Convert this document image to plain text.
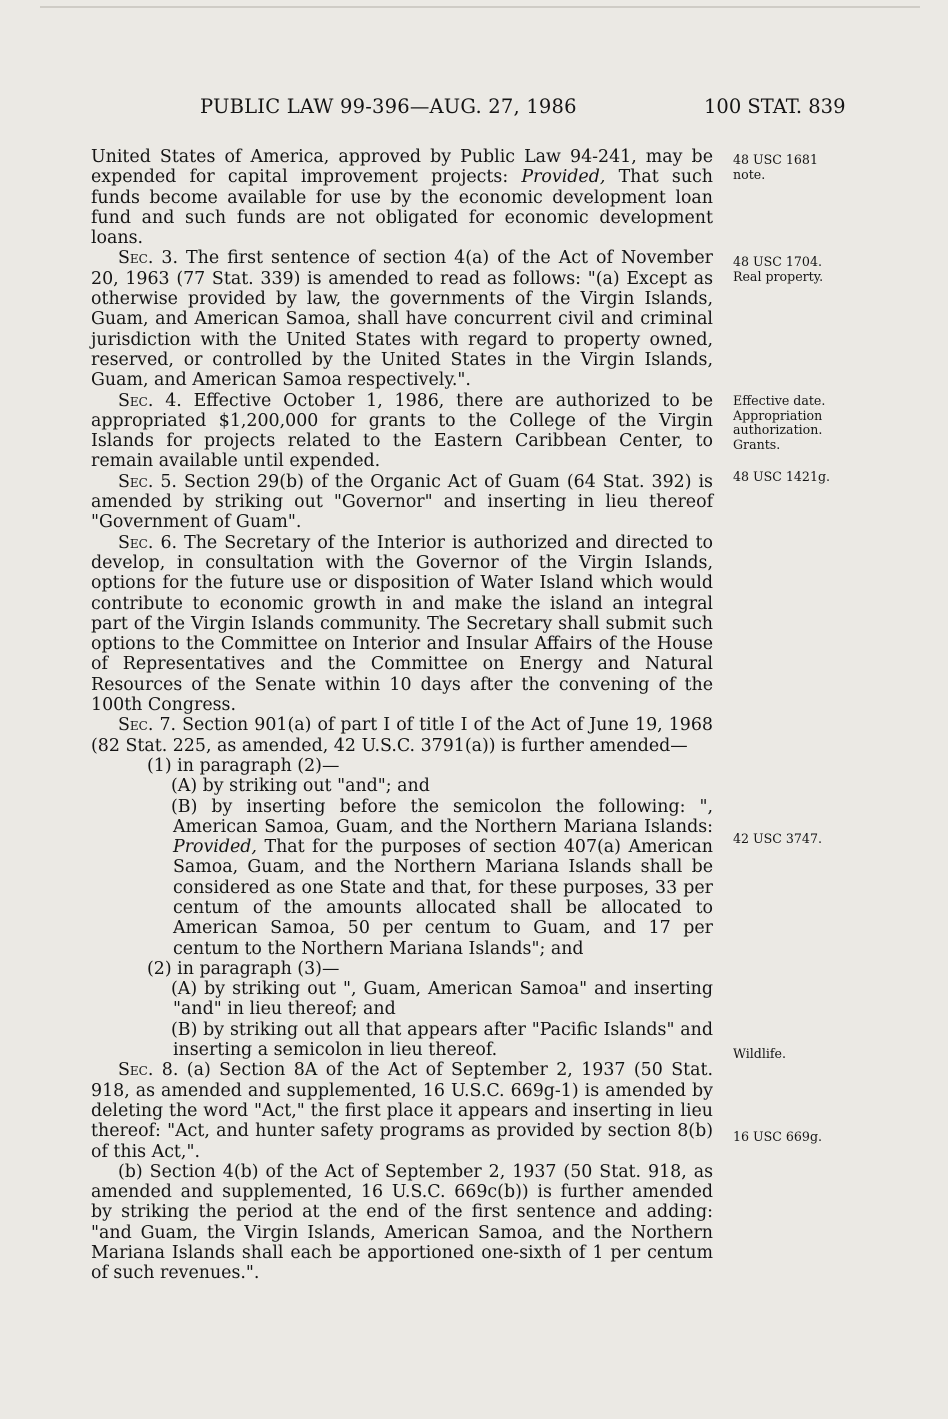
PUBLIC LAW 99-396—AUG. 27, 1986	100 STAT. 839

United States of America, approved by Public Law 94-241, may be expended for capital improvement projects: Provided, That such funds become available for use by the economic development loan fund and such funds are not obligated for economic development loans.

Sec. 3. The first sentence of section 4(a) of the Act of November 20, 1963 (77 Stat. 339) is amended to read as follows: "(a) Except as otherwise provided by law, the governments of the Virgin Islands, Guam, and American Samoa, shall have concurrent civil and criminal jurisdiction with the United States with regard to property owned, reserved, or controlled by the United States in the Virgin Islands, Guam, and American Samoa respectively.".

Sec. 4. Effective October 1, 1986, there are authorized to be appropriated $1,200,000 for grants to the College of the Virgin Islands for projects related to the Eastern Caribbean Center, to remain available until expended.

Sec. 5. Section 29(b) of the Organic Act of Guam (64 Stat. 392) is amended by striking out "Governor" and inserting in lieu thereof "Government of Guam".

Sec. 6. The Secretary of the Interior is authorized and directed to develop, in consultation with the Governor of the Virgin Islands, options for the future use or disposition of Water Island which would contribute to economic growth in and make the island an integral part of the Virgin Islands community. The Secretary shall submit such options to the Committee on Interior and Insular Affairs of the House of Representatives and the Committee on Energy and Natural Resources of the Senate within 10 days after the convening of the 100th Congress.

Sec. 7. Section 901(a) of part I of title I of the Act of June 19, 1968 (82 Stat. 225, as amended, 42 U.S.C. 3791(a)) is further amended—

(1) in paragraph (2)—

(A) by striking out "and"; and

(B) by inserting before the semicolon the following: ", American Samoa, Guam, and the Northern Mariana Islands: Provided, That for the purposes of section 407(a) American Samoa, Guam, and the Northern Mariana Islands shall be considered as one State and that, for these purposes, 33 per centum of the amounts allocated shall be allocated to American Samoa, 50 per centum to Guam, and 17 per centum to the Northern Mariana Islands"; and

(2) in paragraph (3)—

(A) by striking out ", Guam, American Samoa" and inserting "and" in lieu thereof; and

(B) by striking out all that appears after "Pacific Islands" and inserting a semicolon in lieu thereof.

Sec. 8. (a) Section 8A of the Act of September 2, 1937 (50 Stat. 918, as amended and supplemented, 16 U.S.C. 669g-1) is amended by deleting the word "Act," the first place it appears and inserting in lieu thereof: "Act, and hunter safety programs as provided by section 8(b) of this Act,".

(b) Section 4(b) of the Act of September 2, 1937 (50 Stat. 918, as amended and supplemented, 16 U.S.C. 669c(b)) is further amended by striking the period at the end of the first sentence and adding: "and Guam, the Virgin Islands, American Samoa, and the Northern Mariana Islands shall each be apportioned one-sixth of 1 per centum of such revenues.".

48 USC 1681
note.
48 USC 1704.
Real property.
Effective date.
Appropriation
authorization.
Grants.
48 USC 1421g.
42 USC 3747.
Wildlife.
16 USC 669g.
